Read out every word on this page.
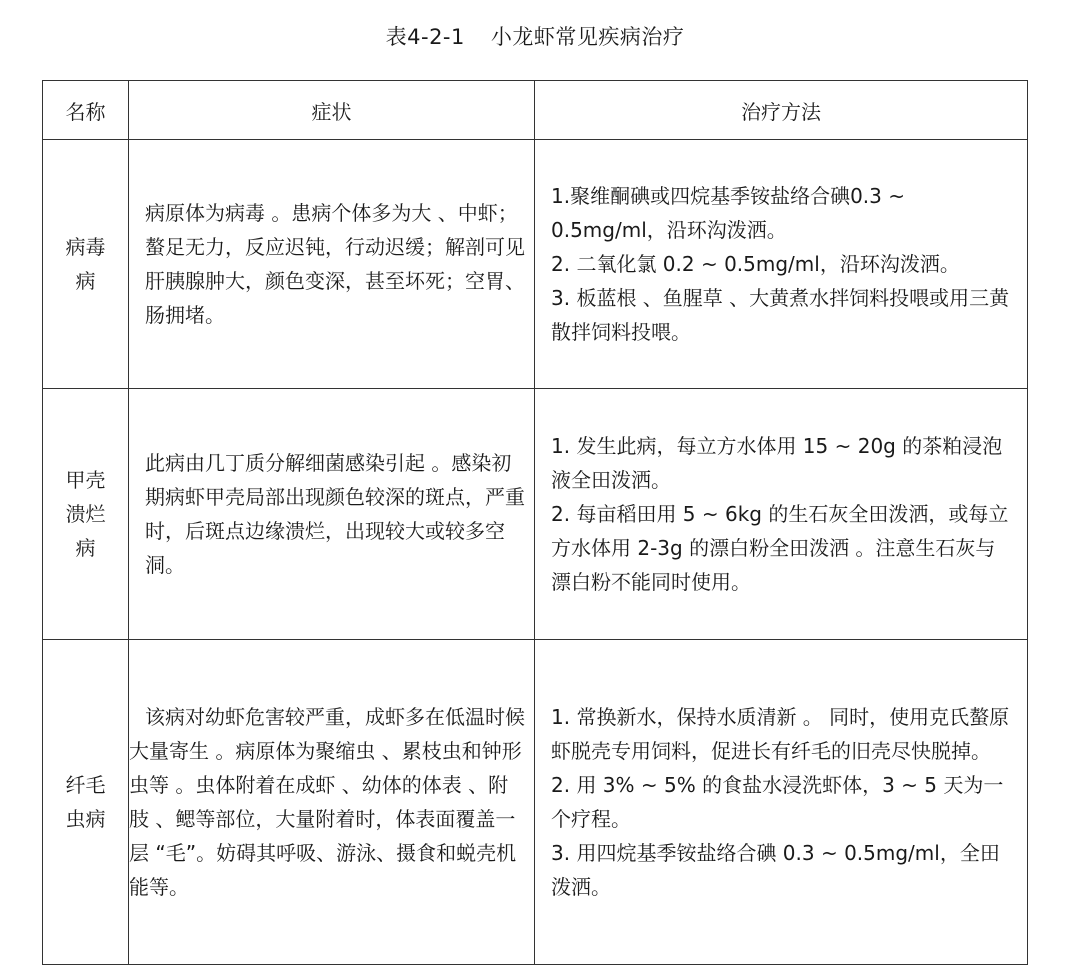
表4-2-1 小龙虾常见疾病治疗
名称	症状	治疗方法
病毒病	病原体为病毒 。患病个体多为大 、中虾；螯足无力，反应迟钝，行动迟缓；解剖可见肝胰腺肿大，颜色变深，甚至坏死；空胃、肠拥堵。	1.聚维酮碘或四烷基季铵盐络合碘0.3 ~ 0.5mg/ml，沿环沟泼洒。
2. 二氧化氯 0.2 ~ 0.5mg/ml，沿环沟泼洒。
3. 板蓝根 、鱼腥草 、大黄煮水拌饲料投喂或用三黄散拌饲料投喂。

甲壳溃烂病	此病由几丁质分解细菌感染引起 。感染初期病虾甲壳局部出现颜色较深的斑点，严重时，后斑点边缘溃烂，出现较大或较多空洞。	1. 发生此病，每立方水体用 15 ~ 20g 的茶粕浸泡液全田泼洒。
2. 每亩稻田用 5 ~ 6kg 的生石灰全田泼洒，或每立方水体用 2-3g 的漂白粉全田泼洒 。注意生石灰与漂白粉不能同时使用。

纤毛虫病	该病对幼虾危害较严重，成虾多在低温时候大量寄生 。病原体为聚缩虫 、累枝虫和钟形虫等 。虫体附着在成虾 、幼体的体表 、附肢 、鳃等部位，大量附着时，体表面覆盖一层 “毛”。妨碍其呼吸、游泳、摄食和蜕壳机能等。	1. 常换新水，保持水质清新 。 同时，使用克氏螯原虾脱壳专用饲料，促进长有纤毛的旧壳尽快脱掉。
2. 用 3% ~ 5% 的食盐水浸洗虾体，3 ~ 5 天为一个疗程。
3. 用四烷基季铵盐络合碘 0.3 ~ 0.5mg/ml，全田泼洒。
